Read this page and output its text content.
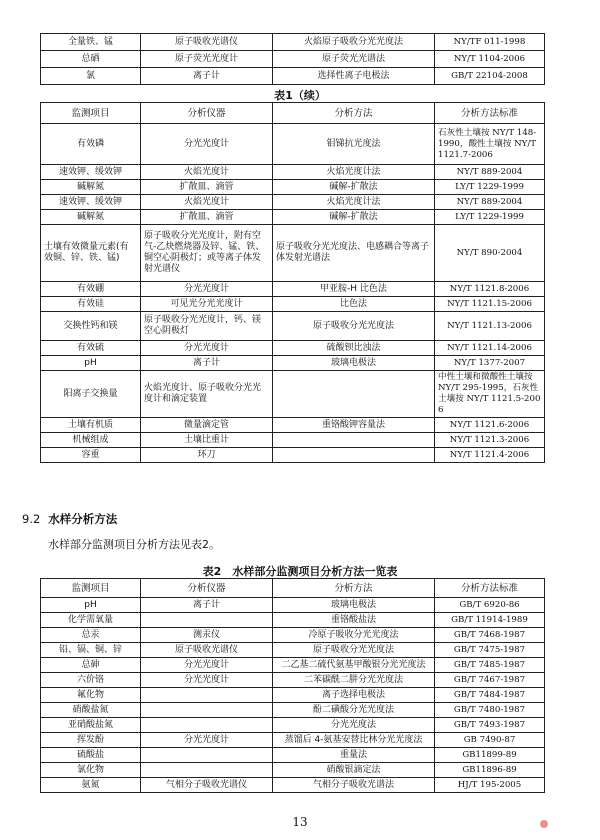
全量铁、锰	原子吸收光谱仪	火焰原子吸收分光光度法	NY/TF 011-1998
总硒	原子荧光光度计	原子荧光光谱法	NY/T 1104-2006
氯	离子计	选择性离子电极法	GB/T 22104-2008
表1（续）
监测项目	分析仪器	分析方法	分析方法标准
有效磷	分光光度计	钼锑抗光度法	石灰性土壤按 NY/T 148-1990，酸性土壤按 NY/T1121.7-2006
速效钾、缓效钾	火焰光度计	火焰光度计法	NY/T 889-2004
碱解氮	扩散皿、滴管	碱解-扩散法	LY/T 1229-1999
速效钾、缓效钾	火焰光度计	火焰光度计法	NY/T 889-2004
碱解氮	扩散皿、滴管	碱解-扩散法	LY/T 1229-1999
土壤有效微量元素(有效铜、锌、铁、锰)	原子吸收分光光度计，附有空气-乙炔燃烧器及锌、锰、铁、铜空心阴极灯；或等离子体发射光谱仪	原子吸收分光光度法、电感耦合等离子体发射光谱法	NY/T 890-2004
有效硼	分光光度计	甲亚胺-H 比色法	NY/T 1121.8-2006
有效硅	可见光分光光度计	比色法	NY/T 1121.15-2006
交换性钙和镁	原子吸收分光光度计，钙、镁空心阴极灯	原子吸收分光光度法	NY/T 1121.13-2006
有效硫	分光光度计	硫酸钡比浊法	NY/T 1121.14-2006
pH	离子计	玻璃电极法	NY/T 1377-2007
阳离子交换量	火焰光度计、原子吸收分光光度计和滴定装置		中性土壤和微酸性土壤按 NY/T 295-1995，石灰性土壤按 NY/T 1121.5-2006
土壤有机质	微量滴定管	重铬酸钾容量法	NY/T 1121.6-2006
机械组成	土壤比重计		NY/T 1121.3-2006
容重	环刀		NY/T 1121.4-2006
9.2 水样分析方法
水样部分监测项目分析方法见表2。
表2　水样部分监测项目分析方法一览表
监测项目	分析仪器	分析方法	分析方法标准
pH	离子计	玻璃电极法	GB/T 6920-86
化学需氧量		重铬酸盐法	GB/T 11914-1989
总汞	测汞仪	冷原子吸收分光光度法	GB/T 7468-1987
铅、镉、铜、锌	原子吸收光谱仪	原子吸收分光光度法	GB/T 7475-1987
总砷	分光光度计	二乙基二硫代氨基甲酸银分光光度法	GB/T 7485-1987
六价铬	分光光度计	二苯碳酰二肼分光光度法	GB/T 7467-1987
氟化物		离子选择电极法	GB/T 7484-1987
硝酸盐氮		酚二磺酸分光光度法	GB/T 7480-1987
亚硝酸盐氮		分光光度法	GB/T 7493-1987
挥发酚	分光光度计	蒸馏后 4-氨基安替比林分光光度法	GB 7490-87
硫酸盐		重量法	GB11899-89
氯化物		硝酸银滴定法	GB11896-89
氨氮	气相分子吸收光谱仪	气相分子吸收光谱法	HJ/T 195-2005
13
